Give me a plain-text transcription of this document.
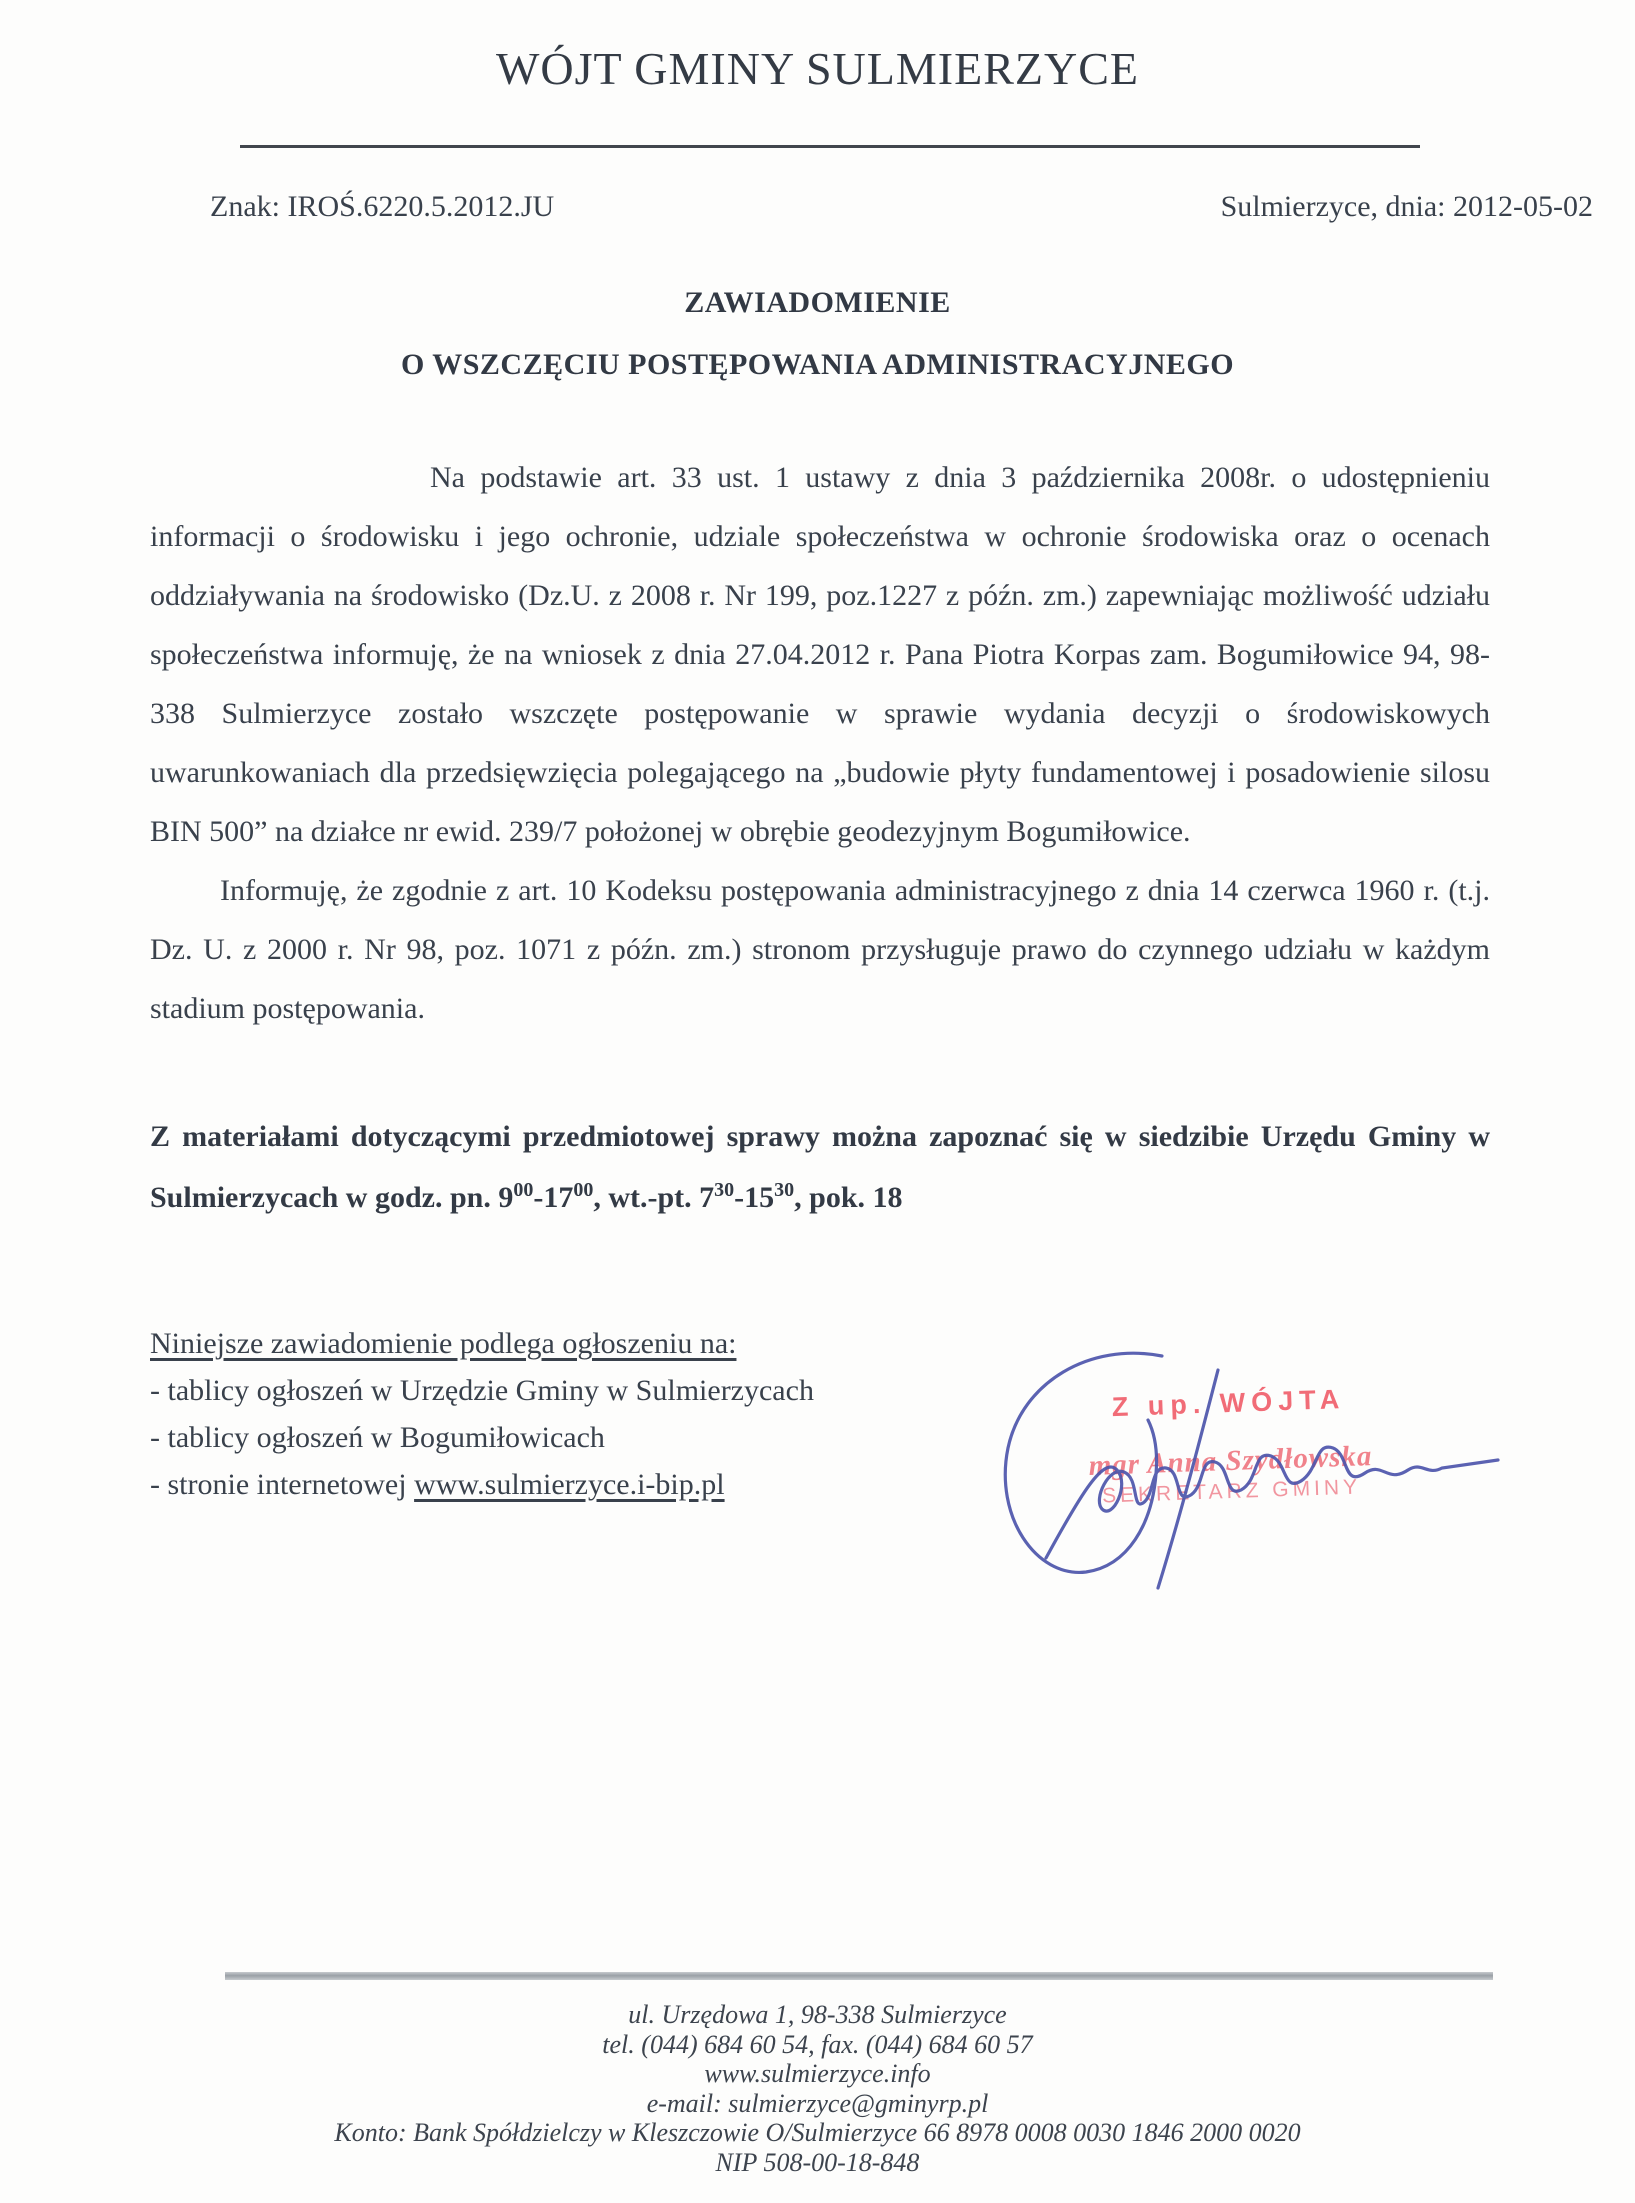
WÓJT GMINY SULMIERZYCE
Znak: IROŚ.6220.5.2012.JU	Sulmierzyce, dnia: 2012-05-02
ZAWIADOMIENIE
O WSZCZĘCIU POSTĘPOWANIA ADMINISTRACYJNEGO

Na podstawie art. 33 ust. 1 ustawy z dnia 3 października 2008r. o udostępnieniu informacji o środowisku i jego ochronie, udziale społeczeństwa w ochronie środowiska oraz o ocenach oddziaływania na środowisko (Dz.U. z 2008 r. Nr 199, poz.1227 z późn. zm.) zapewniając możliwość udziału społeczeństwa informuję, że na wniosek z dnia 27.04.2012 r. Pana Piotra Korpas zam. Bogumiłowice 94, 98-338 Sulmierzyce zostało wszczęte postępowanie w sprawie wydania decyzji o środowiskowych uwarunkowaniach dla przedsięwzięcia polegającego na „budowie płyty fundamentowej i posadowienie silosu BIN 500” na działce nr ewid. 239/7 położonej w obrębie geodezyjnym Bogumiłowice.

Informuję, że zgodnie z art. 10 Kodeksu postępowania administracyjnego z dnia 14 czerwca 1960 r. (t.j. Dz. U. z 2000 r. Nr 98, poz. 1071 z późn. zm.) stronom przysługuje prawo do czynnego udziału w każdym stadium postępowania.

Z materiałami dotyczącymi przedmiotowej sprawy można zapoznać się w siedzibie Urzędu Gminy w Sulmierzycach w godz. pn. $9^{00}-17^{00}$, wt.-pt. $7^{30}-15^{30}$, pok. 18

Niniejsze zawiadomienie podlega ogłoszeniu na:
- tablicy ogłoszeń w Urzędzie Gminy w Sulmierzycach
- tablicy ogłoszeń w Bogumiłowicach
- stronie internetowej www.sulmierzyce.i-bip.pl
Z up. WÓJTA
mgr Anna Szydłowska
SEKRETARZ GMINY
ul. Urzędowa 1, 98-338 Sulmierzyce
tel. (044) 684 60 54, fax. (044) 684 60 57
www.sulmierzyce.info
e-mail: sulmierzyce@gminyrp.pl
Konto: Bank Spółdzielczy w Kleszczowie O/Sulmierzyce 66 8978 0008 0030 1846 2000 0020
NIP 508-00-18-848
